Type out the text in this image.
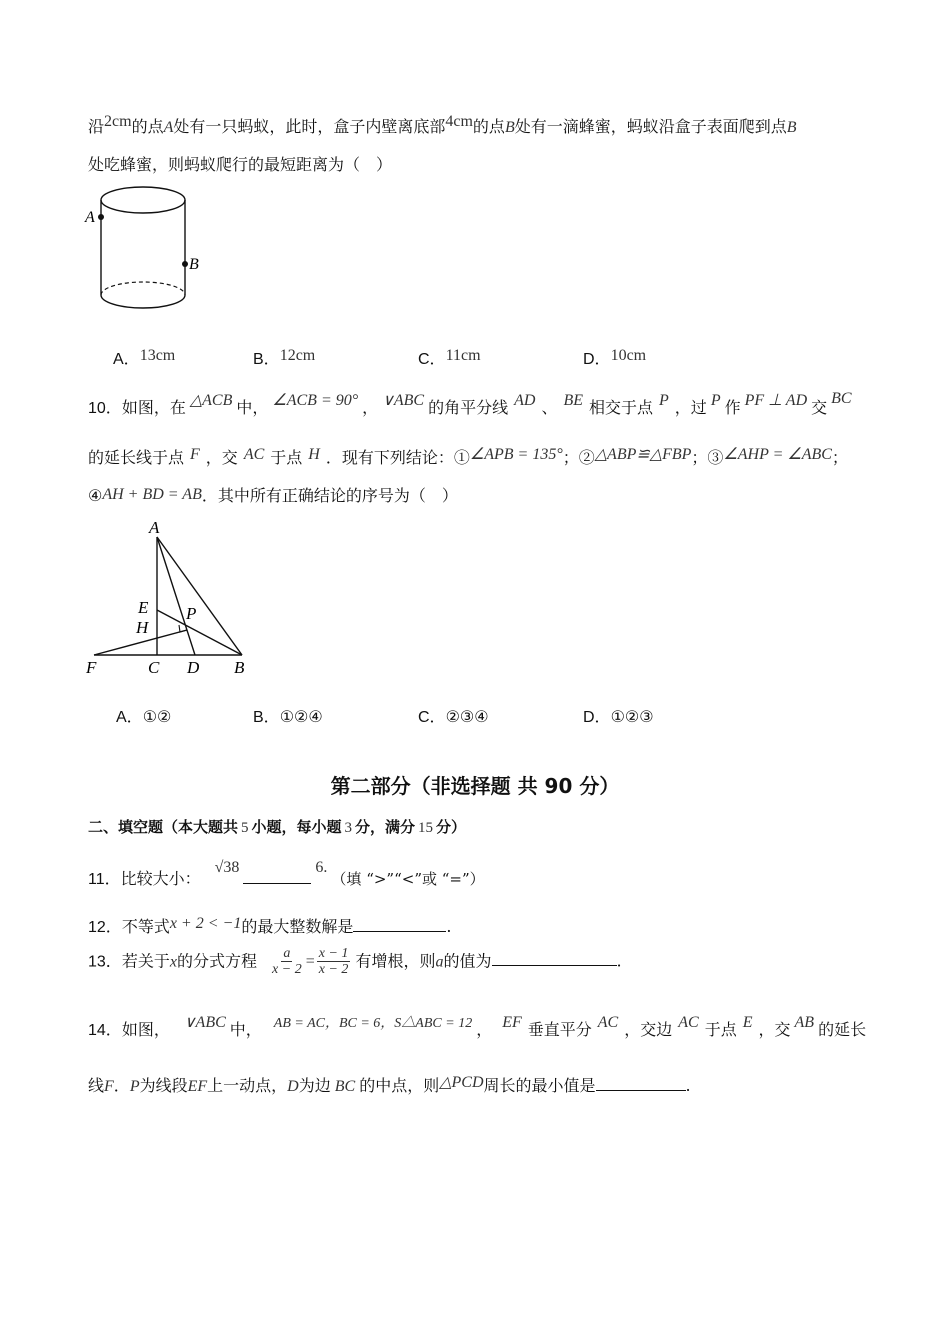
沿2cm的点A处有一只蚂蚁，此时，盒子内壁离底部4cm的点B处有一滴蜂蜜，蚂蚁沿盒子表面爬到点B
处吃蜂蜜，则蚂蚁爬行的最短距离为（　）
A
B
A．13cm	B．12cm	C．11cm	D．10cm
10．如图，在 △ACB 中， ∠ACB = 90° ， ∨ABC 的角平分线 AD 、 BE 相交于点 P ，过 P 作 PF ⊥ AD 交 BC
的延长线于点 F ，交 AC 于点 H ．现有下列结论：①∠APB = 135°；②△ABP≌△FBP；③∠AHP = ∠ABC；
④AH + BD = AB．其中所有正确结论的序号为（　）
A
E
H
P
F	C D B
A．①②	B．①②④	C．②③④	D．①②③
第二部分（非选择题 共 90 分）
二、填空题（本大题共 5 小题，每小题 3 分，满分 15 分）
11．比较大小：√38	6.（填 “>”“<”或 “=”）
12．不等式x + 2 < −1的最大整数解是	.
13．若关于x的分式方程 $\frac{a}{x - 2} = \frac{x - 1}{x - 2}$ 有增根，则a的值为	.
14．如图， ∨ABC 中， AB = AC，BC = 6，S△ABC = 12 ， EF 垂直平分 AC ，交边 AC 于点 E ，交 AB 的延长
线F．P为线段EF上一动点，D为边 BC 的中点，则△PCD周长的最小值是	.
